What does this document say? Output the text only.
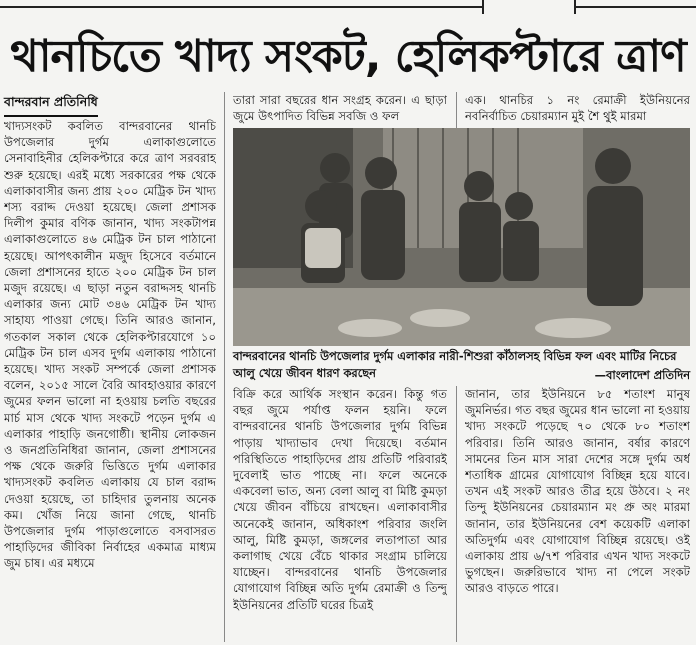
থানচিতে খাদ্য সংকট, হেলিকপ্টারে ত্রাণ
বান্দরবান প্রতিনিধি

খাদ্যসংকট কবলিত বান্দরবানের থানচি উপজেলার দুর্গম এলাকাগুলোতে সেনাবাহিনীর হেলিকপ্টারে করে ত্রাণ সরবরাহ শুরু হয়েছে। এরই মধ্যে সরকারের পক্ষ থেকে এলাকাবাসীর জন্য প্রায় ২০০ মেট্রিক টন খাদ্য শস্য বরাদ্দ দেওয়া হয়েছে। জেলা প্রশাসক দিলীপ কুমার বণিক জানান, খাদ্য সংকটাপন্ন এলাকাগুলোতে ৪৬ মেট্রিক টন চাল পাঠানো হয়েছে। আপৎকালীন মজুদ হিসেবে বর্তমানে জেলা প্রশাসনের হাতে ২০০ মেট্রিক টন চাল মজুদ রয়েছে। এ ছাড়া নতুন বরাদ্দসহ থানচি এলাকার জন্য মোট ৩৪৬ মেট্রিক টন খাদ্য সাহায্য পাওয়া গেছে। তিনি আরও জানান, গতকাল সকাল থেকে হেলিকপ্টারযোগে ১০ মেট্রিক টন চাল এসব দুর্গম এলাকায় পাঠানো হয়েছে। খাদ্য সংকট সম্পর্কে জেলা প্রশাসক বলেন, ২০১৫ সালে বৈরি আবহাওয়ার কারণে জুমের ফলন ভালো না হওয়ায় চলতি বছরের মার্চ মাস থেকে খাদ্য সংকটে পড়েন দুর্গম এ এলাকার পাহাড়ি জনগোষ্ঠী। স্থানীয় লোকজন ও জনপ্রতিনিধিরা জানান, জেলা প্রশাসনের পক্ষ থেকে জরুরি ভিত্তিতে দুর্গম এলাকার খাদ্যসংকট কবলিত এলাকায় যে চাল বরাদ্দ দেওয়া হয়েছে, তা চাহিদার তুলনায় অনেক কম। খোঁজ নিয়ে জানা গেছে, থানচি উপজেলার দুর্গম পাড়াগুলোতে বসবাসরত পাহাড়িদের জীবিকা নির্বাহের একমাত্র মাধ্যম জুম চাষ। এর মধ্যমে

তারা সারা বছরের ধান সংগ্রহ করেন। এ ছাড়া জুমে উৎপাদিত বিভিন্ন সবজি ও ফল

এক। থানচির ১ নং রেমাক্রী ইউনিয়নের নবনির্বাচিত চেয়ারম্যান মুই শৈ থুই মারমা

বান্দরবানের থানচি উপজেলার দুর্গম এলাকার নারী-শিশুরা কাঁঠালসহ বিভিন্ন ফল এবং মাটির নিচের আলু খেয়ে জীবন ধারণ করছেন	—বাংলাদেশ প্রতিদিন

বিক্রি করে আর্থিক সংস্থান করেন। কিন্তু গত বছর জুমে পর্যাপ্ত ফলন হয়নি। ফলে বান্দরবানের থানচি উপজেলার দুর্গম বিভিন্ন পাড়ায় খাদ্যাভাব দেখা দিয়েছে। বর্তমান পরিস্থিতিতে পাহাড়িদের প্রায় প্রতিটি পরিবারই দুবেলাই ভাত পাচ্ছে না। ফলে অনেকে একবেলা ভাত, অন্য বেলা আলু বা মিষ্টি কুমড়া খেয়ে জীবন বাঁচিয়ে রাখছেন। এলাকাবাসীর অনেকেই জানান, অধিকাংশ পরিবার জংলি আলু, মিষ্টি কুমড়া, জঙ্গলের লতাপাতা আর কলাগাছ খেয়ে বেঁচে থাকার সংগ্রাম চালিয়ে যাচ্ছেন। বান্দরবানের থানচি উপজেলার যোগাযোগ বিচ্ছিন্ন অতি দুর্গম রেমাক্রী ও তিন্দু ইউনিয়নের প্রতিটি ঘরের চিত্রই

জানান, তার ইউনিয়নে ৮৫ শতাংশ মানুষ জুমনির্ভর। গত বছর জুমের ধান ভালো না হওয়ায় খাদ্য সংকটে পড়েছে ৭০ থেকে ৮০ শতাংশ পরিবার। তিনি আরও জানান, বর্ষার কারণে সামনের তিন মাস সারা দেশের সঙ্গে দুর্গম অর্ধ শতাধিক গ্রামের যোগাযোগ বিচ্ছিন্ন হয়ে যাবে। তখন এই সংকট আরও তীব্র হয়ে উঠবে। ২ নং তিন্দু ইউনিয়নের চেয়ারম্যান মং প্রু অং মারমা জানান, তার ইউনিয়নের বেশ কয়েকটি এলাকা অতিদুর্গম এবং যোগাযোগ বিচ্ছিন্ন রয়েছে। ওই এলাকায় প্রায় ৬/৭শ পরিবার এখন খাদ্য সংকটে ভুগছেন। জরুরিভাবে খাদ্য না পেলে সংকট আরও বাড়তে পারে।
